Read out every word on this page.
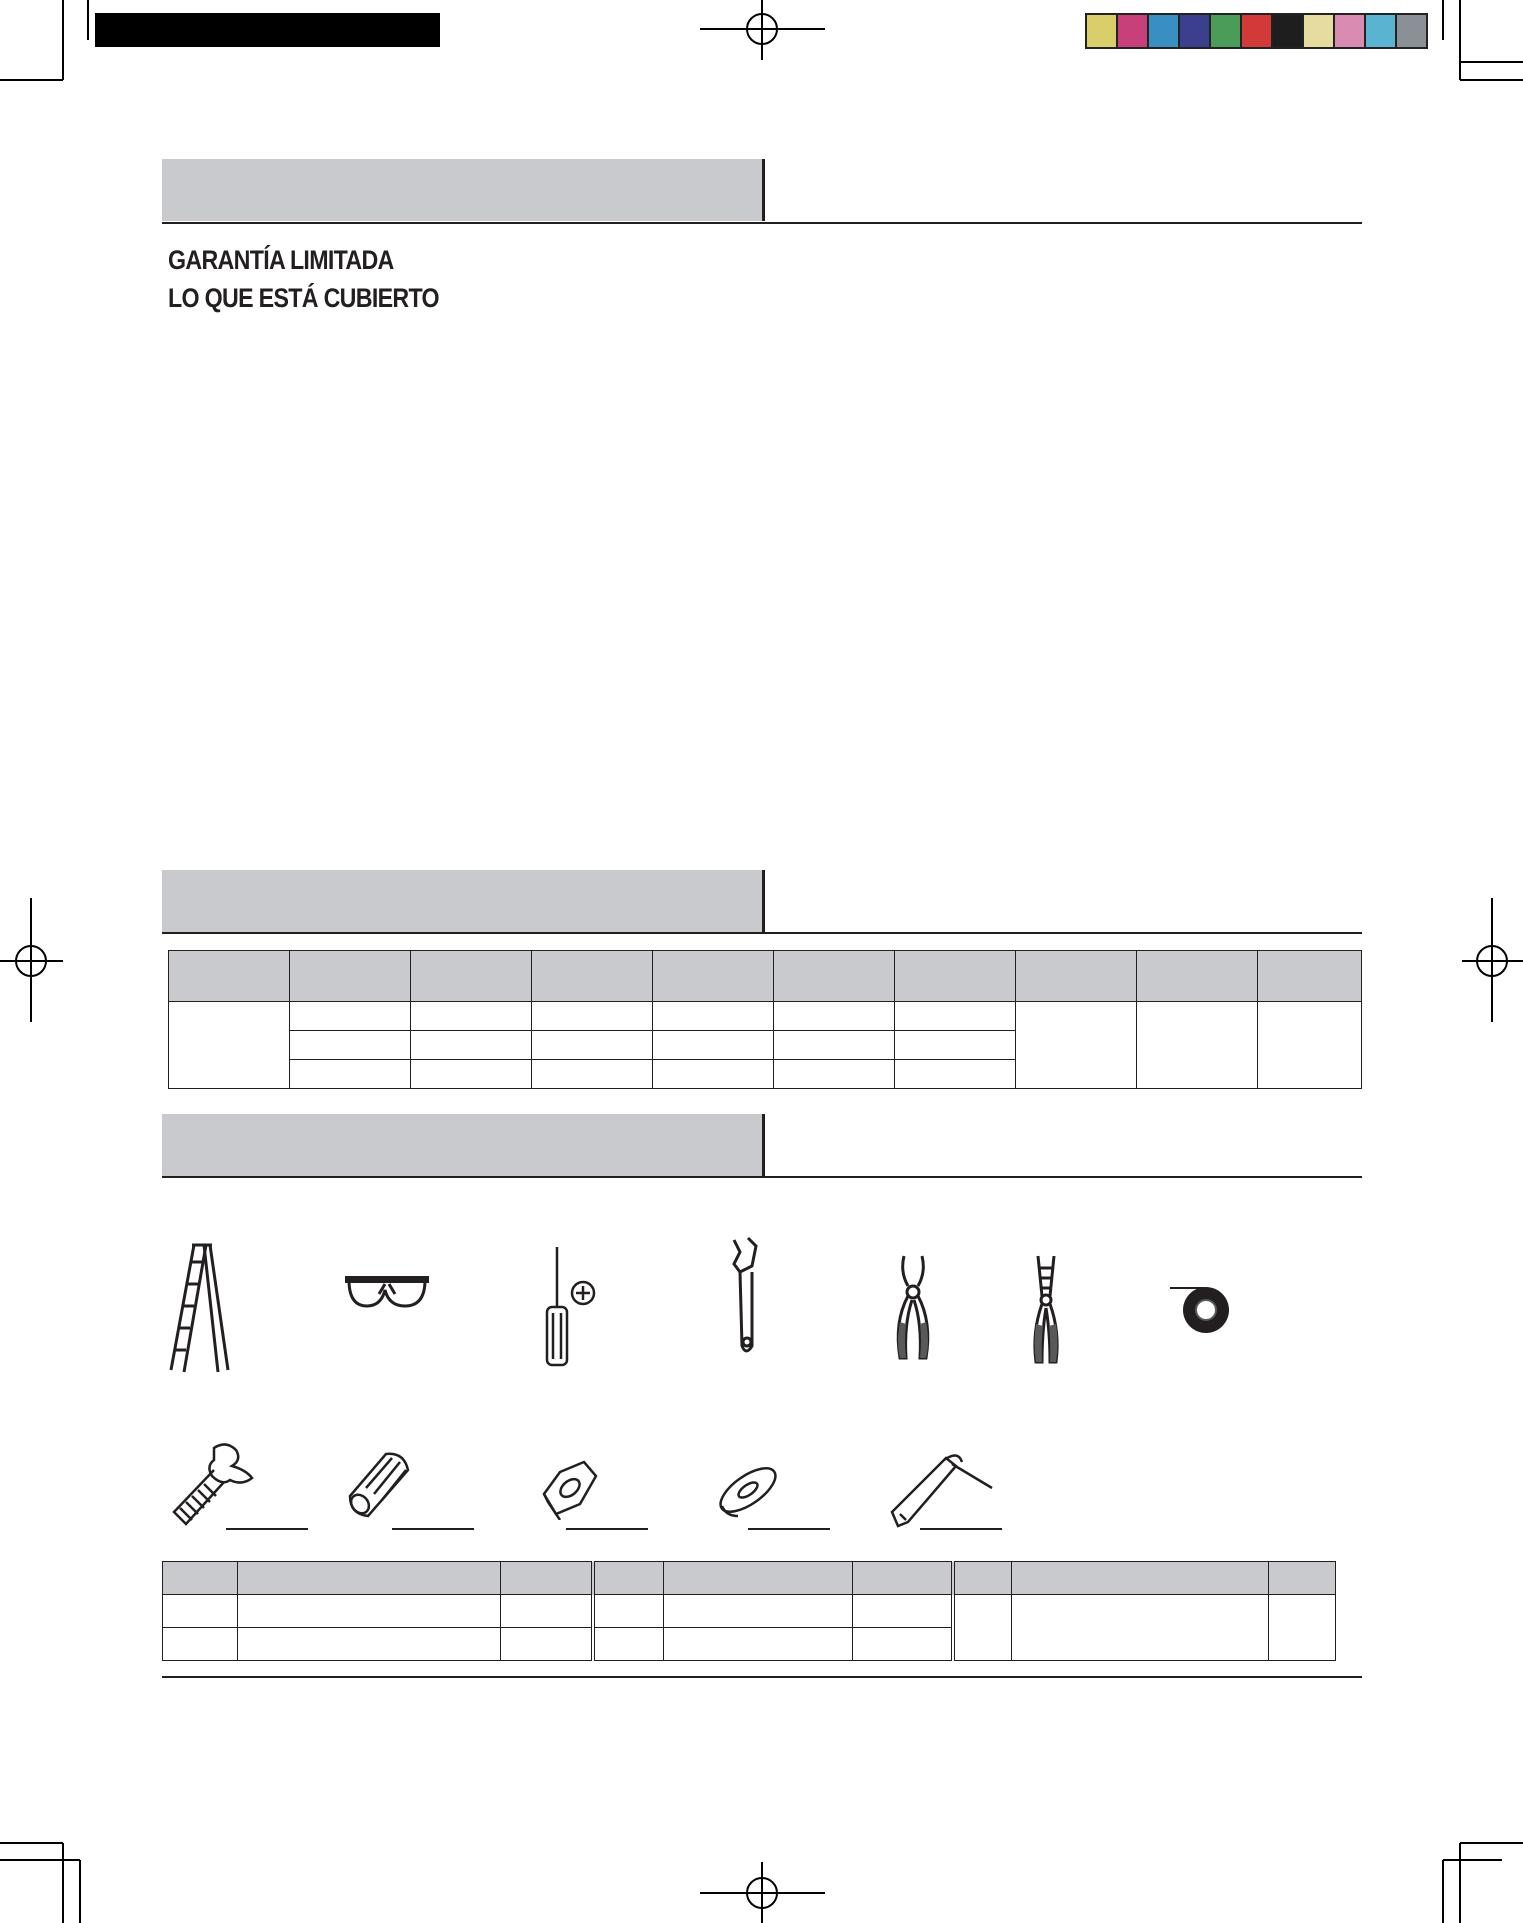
GARANTÍA LIMITADA
LO QUE ESTÁ CUBIERTO
